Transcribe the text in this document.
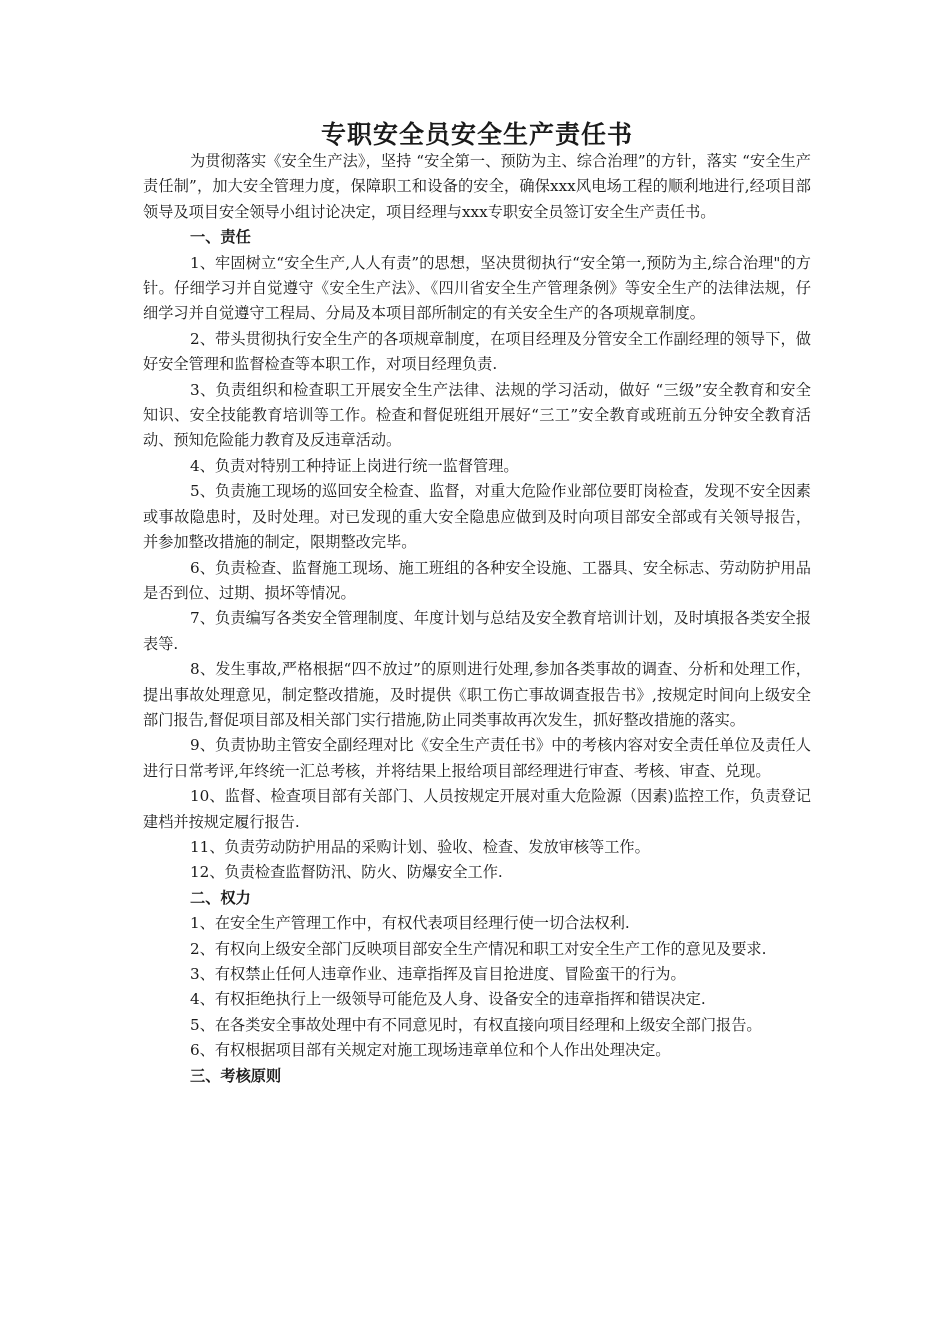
专职安全员安全生产责任书

为贯彻落实《安全生产法》，坚持 “安全第一、预防为主、综合治理”的方针，落实 “安全生产责任制”，加大安全管理力度，保障职工和设备的安全，确保xxx风电场工程的顺利地进行,经项目部领导及项目安全领导小组讨论决定，项目经理与xxx专职安全员签订安全生产责任书。

一、责任

1、牢固树立“安全生产,人人有责”的思想，坚决贯彻执行“安全第一,预防为主,综合治理"的方针。仔细学习并自觉遵守《安全生产法》、《四川省安全生产管理条例》等安全生产的法律法规，仔细学习并自觉遵守工程局、分局及本项目部所制定的有关安全生产的各项规章制度。

2、带头贯彻执行安全生产的各项规章制度，在项目经理及分管安全工作副经理的领导下，做好安全管理和监督检查等本职工作，对项目经理负责.

3、负责组织和检查职工开展安全生产法律、法规的学习活动，做好 “三级”安全教育和安全知识、安全技能教育培训等工作。检查和督促班组开展好“三工”安全教育或班前五分钟安全教育活动、预知危险能力教育及反违章活动。

4、负责对特别工种持证上岗进行统一监督管理。

5、负责施工现场的巡回安全检查、监督，对重大危险作业部位要盯岗检查，发现不安全因素或事故隐患时，及时处理。对已发现的重大安全隐患应做到及时向项目部安全部或有关领导报告，并参加整改措施的制定，限期整改完毕。

6、负责检查、监督施工现场、施工班组的各种安全设施、工器具、安全标志、劳动防护用品是否到位、过期、损坏等情况。

7、负责编写各类安全管理制度、年度计划与总结及安全教育培训计划，及时填报各类安全报表等.

8、发生事故,严格根据“四不放过”的原则进行处理,参加各类事故的调查、分析和处理工作，提出事故处理意见，制定整改措施，及时提供《职工伤亡事故调查报告书》,按规定时间向上级安全部门报告,督促项目部及相关部门实行措施,防止同类事故再次发生，抓好整改措施的落实。

9、负责协助主管安全副经理对比《安全生产责任书》中的考核内容对安全责任单位及责任人进行日常考评,年终统一汇总考核，并将结果上报给项目部经理进行审查、考核、审查、兑现。

10、监督、检查项目部有关部门、人员按规定开展对重大危险源（因素)监控工作，负责登记建档并按规定履行报告.

11、负责劳动防护用品的采购计划、验收、检查、发放审核等工作。

12、负责检查监督防汛、防火、防爆安全工作.

二、权力

1、在安全生产管理工作中，有权代表项目经理行使一切合法权利.

2、有权向上级安全部门反映项目部安全生产情况和职工对安全生产工作的意见及要求.

3、有权禁止任何人违章作业、违章指挥及盲目抢进度、冒险蛮干的行为。

4、有权拒绝执行上一级领导可能危及人身、设备安全的违章指挥和错误决定.

5、在各类安全事故处理中有不同意见时，有权直接向项目经理和上级安全部门报告。

6、有权根据项目部有关规定对施工现场违章单位和个人作出处理决定。

三、考核原则
